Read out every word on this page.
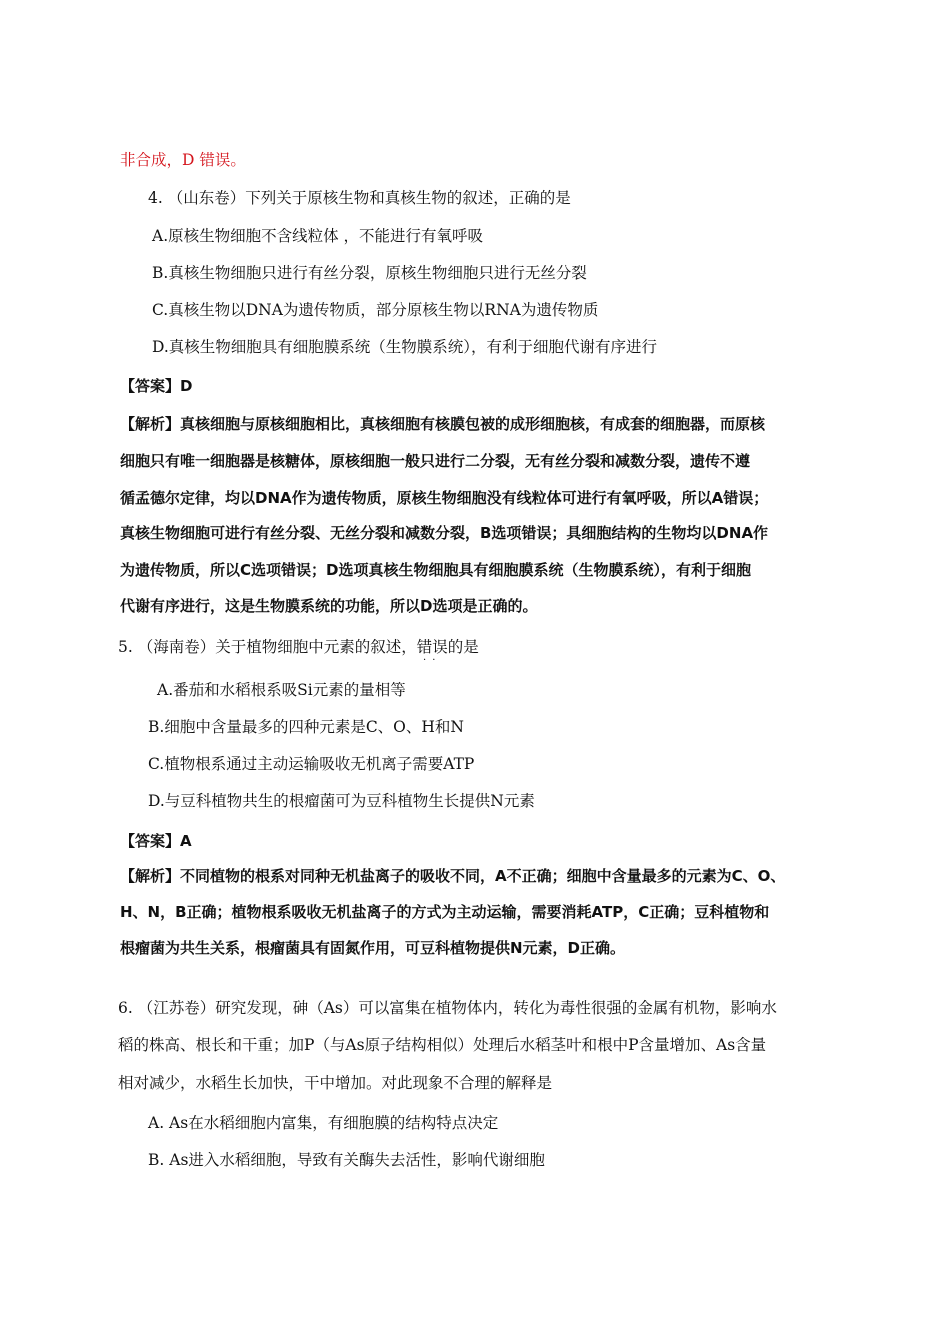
非合成，D 错误。
4. （山东卷）下列关于原核生物和真核生物的叙述，正确的是
A.原核生物细胞不含线粒体 ，不能进行有氧呼吸
B.真核生物细胞只进行有丝分裂，原核生物细胞只进行无丝分裂
C.真核生物以DNA为遗传物质，部分原核生物以RNA为遗传物质
D.真核生物细胞具有细胞膜系统（生物膜系统），有利于细胞代谢有序进行
【答案】D
【解析】真核细胞与原核细胞相比，真核细胞有核膜包被的成形细胞核，有成套的细胞器，而原核
细胞只有唯一细胞器是核糖体，原核细胞一般只进行二分裂，无有丝分裂和减数分裂，遗传不遵
循孟德尔定律，均以DNA作为遗传物质，原核生物细胞没有线粒体可进行有氧呼吸，所以A错误；
真核生物细胞可进行有丝分裂、无丝分裂和减数分裂，B选项错误；具细胞结构的生物均以DNA作
为遗传物质，所以C选项错误；D选项真核生物细胞具有细胞膜系统（生物膜系统），有利于细胞
代谢有序进行，这是生物膜系统的功能，所以D选项是正确的。
5. （海南卷）关于植物细胞中元素的叙述，错误
··
的是
A.番茄和水稻根系吸Si元素的量相等
B.细胞中含量最多的四种元素是C、O、H和N
C.植物根系通过主动运输吸收无机离子需要ATP
D.与豆科植物共生的根瘤菌可为豆科植物生长提供N元素
【答案】A
【解析】不同植物的根系对同种无机盐离子的吸收不同，A不正确；细胞中含量最多的元素为C、O、
H、N，B正确；植物根系吸收无机盐离子的方式为主动运输，需要消耗ATP，C正确；豆科植物和
根瘤菌为共生关系，根瘤菌具有固氮作用，可豆科植物提供N元素，D正确。
6. （江苏卷）研究发现，砷（As）可以富集在植物体内，转化为毒性很强的金属有机物，影响水
稻的株高、根长和干重；加P（与As原子结构相似）处理后水稻茎叶和根中P含量增加、As含量
相对减少，水稻生长加快，干中增加。对此现象不合理的解释是
A. As在水稻细胞内富集，有细胞膜的结构特点决定
B. As进入水稻细胞，导致有关酶失去活性，影响代谢细胞
